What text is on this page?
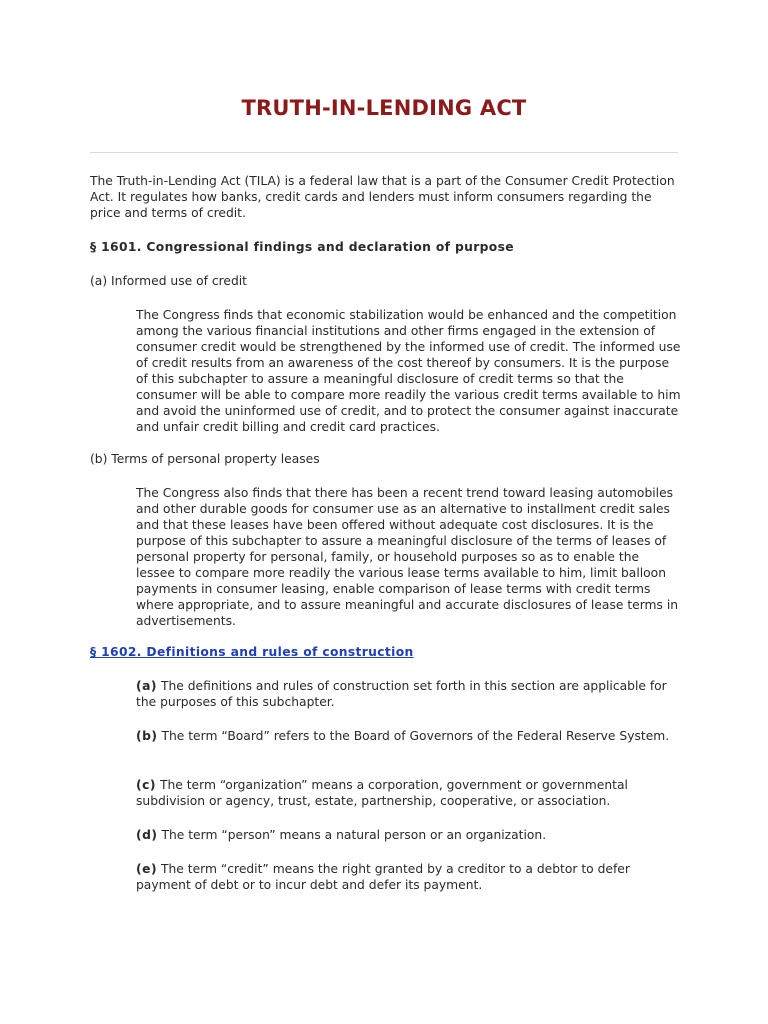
TRUTH-IN-LENDING ACT

The Truth-in-Lending Act (TILA) is a federal law that is a part of the Consumer Credit Protection Act. It regulates how banks, credit cards and lenders must inform consumers regarding the price and terms of credit.

§ 1601. Congressional findings and declaration of purpose

(a) Informed use of credit

The Congress finds that economic stabilization would be enhanced and the competition among the various financial institutions and other firms engaged in the extension of consumer credit would be strengthened by the informed use of credit. The informed use of credit results from an awareness of the cost thereof by consumers. It is the purpose of this subchapter to assure a meaningful disclosure of credit terms so that the consumer will be able to compare more readily the various credit terms available to him and avoid the uninformed use of credit, and to protect the consumer against inaccurate and unfair credit billing and credit card practices.

(b) Terms of personal property leases

The Congress also finds that there has been a recent trend toward leasing automobiles and other durable goods for consumer use as an alternative to installment credit sales and that these leases have been offered without adequate cost disclosures. It is the purpose of this subchapter to assure a meaningful disclosure of the terms of leases of personal property for personal, family, or household purposes so as to enable the lessee to compare more readily the various lease terms available to him, limit balloon payments in consumer leasing, enable comparison of lease terms with credit terms where appropriate, and to assure meaningful and accurate disclosures of lease terms in advertisements.

§ 1602. Definitions and rules of construction

(a) The definitions and rules of construction set forth in this section are applicable for the purposes of this subchapter.

(b) The term “Board” refers to the Board of Governors of the Federal Reserve System.

(c) The term “organization” means a corporation, government or governmental subdivision or agency, trust, estate, partnership, cooperative, or association.

(d) The term “person” means a natural person or an organization.

(e) The term “credit” means the right granted by a creditor to a debtor to defer payment of debt or to incur debt and defer its payment.
